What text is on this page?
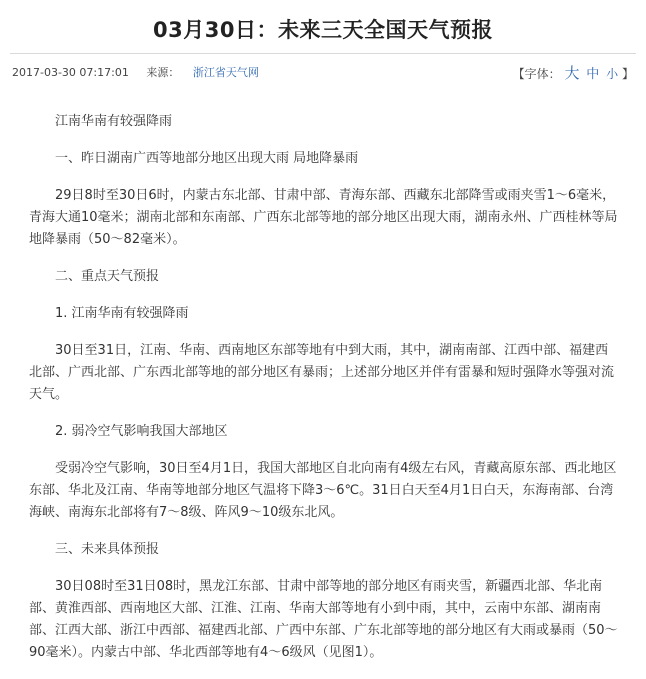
03月30日：未来三天全国天气预报
2017-03-30 07:17:01 来源： 浙江省天气网	【字体： 大 中 小 】

江南华南有较强降雨

一、昨日湖南广西等地部分地区出现大雨 局地降暴雨

29日8时至30日6时，内蒙古东北部、甘肃中部、青海东部、西藏东北部降雪或雨夹雪1～6毫米，青海大通10毫米；湖南北部和东南部、广西东北部等地的部分地区出现大雨，湖南永州、广西桂林等局地降暴雨（50～82毫米）。

二、重点天气预报

1. 江南华南有较强降雨

30日至31日，江南、华南、西南地区东部等地有中到大雨，其中，湖南南部、江西中部、福建西北部、广西北部、广东西北部等地的部分地区有暴雨；上述部分地区并伴有雷暴和短时强降水等强对流天气。

2. 弱冷空气影响我国大部地区

受弱冷空气影响，30日至4月1日，我国大部地区自北向南有4级左右风，青藏高原东部、西北地区东部、华北及江南、华南等地部分地区气温将下降3～6℃。31日白天至4月1日白天，东海南部、台湾海峡、南海东北部将有7～8级、阵风9～10级东北风。

三、未来具体预报

30日08时至31日08时，黑龙江东部、甘肃中部等地的部分地区有雨夹雪，新疆西北部、华北南部、黄淮西部、西南地区大部、江淮、江南、华南大部等地有小到中雨，其中，云南中东部、湖南南部、江西大部、浙江中西部、福建西北部、广西中东部、广东北部等地的部分地区有大雨或暴雨（50～90毫米）。内蒙古中部、华北西部等地有4～6级风（见图1）。
